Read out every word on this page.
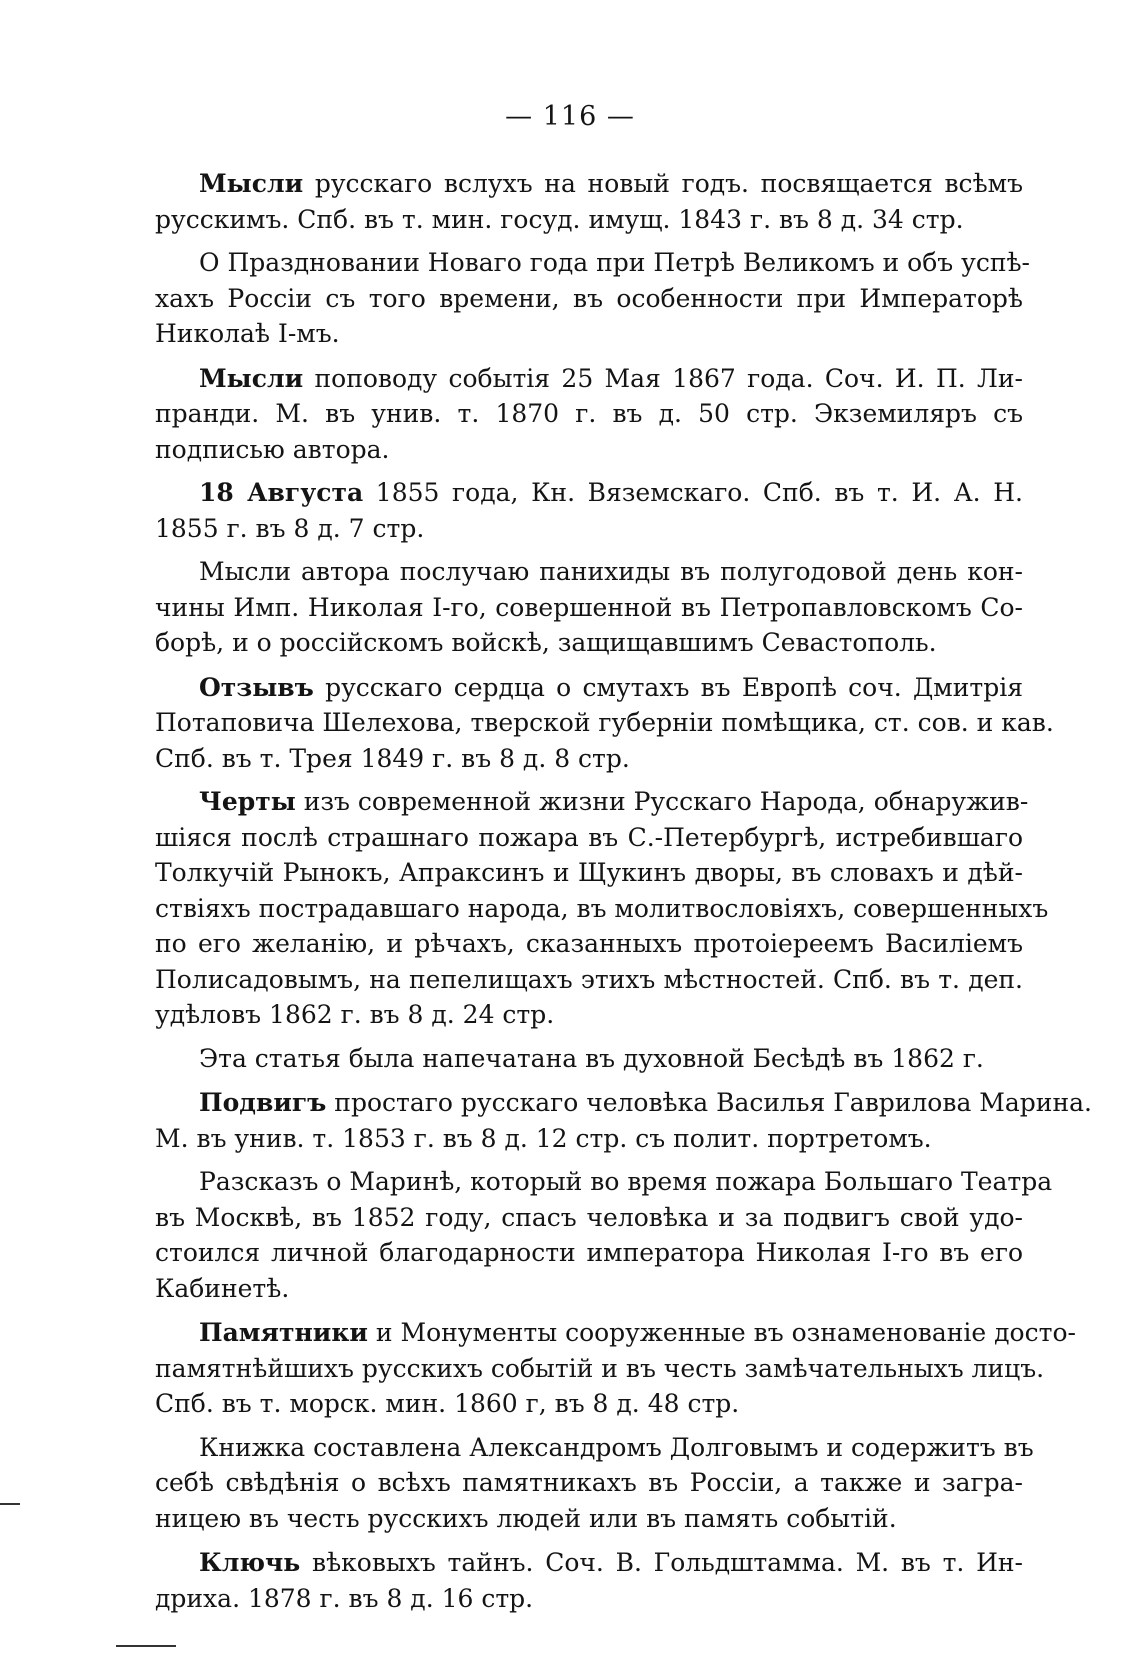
— 116 —

Мысли русскаго вслухъ на новый годъ. посвящается всѣмъ
русскимъ. Спб. въ т. мин. госуд. имущ. 1843 г. въ 8 д. 34 стр.
О Праздновании Новаго года при Петрѣ Великомъ и объ успѣ-
хахъ Россіи съ того времени, въ особенности при Императорѣ
Николаѣ I-мъ.
Мысли поповоду событія 25 Мая 1867 года. Соч. И. П. Ли-
пранди. М. въ унив. т. 1870 г. въ д. 50 стр. Экземиляръ съ
подписью автора.
18 Августа 1855 года, Кн. Вяземскаго. Спб. въ т. И. А. Н.
1855 г. въ 8 д. 7 стр.
Мысли автора послучаю панихиды въ полугодовой день кон-
чины Имп. Николая I-го, совершенной въ Петропавловскомъ Со-
борѣ, и о россійскомъ войскѣ, защищавшимъ Севастополь.
Отзывъ русскаго сердца о смутахъ въ Европѣ соч. Дмитрія
Потаповича Шелехова, тверской губерніи помѣщика, ст. сов. и кав.
Спб. въ т. Трея 1849 г. въ 8 д. 8 стр.
Черты изъ современной жизни Русскаго Народа, обнаружив-
шіяся послѣ страшнаго пожара въ С.-Петербургѣ, истребившаго
Толкучій Рынокъ, Апраксинъ и Щукинъ дворы, въ словахъ и дѣй-
ствіяхъ пострадавшаго народа, въ молитвословіяхъ, совершенныхъ
по его желанію, и рѣчахъ, сказанныхъ протоіереемъ Василіемъ
Полисадовымъ, на пепелищахъ этихъ мѣстностей. Спб. въ т. деп.
удѣловъ 1862 г. въ 8 д. 24 стр.
Эта статья была напечатана въ духовной Бесѣдѣ въ 1862 г.
Подвигъ простаго русскаго человѣка Василья Гаврилова Марина.
М. въ унив. т. 1853 г. въ 8 д. 12 стр. съ полит. портретомъ.
Разсказъ о Маринѣ, который во время пожара Большаго Театра
въ Москвѣ, въ 1852 году, спасъ человѣка и за подвигъ свой удо-
стоился личной благодарности императора Николая I-го въ его
Кабинетѣ.
Памятники и Монументы сооруженные въ ознаменованіе досто-
памятнѣйшихъ русскихъ событій и въ честь замѣчательныхъ лицъ.
Спб. въ т. морск. мин. 1860 г, въ 8 д. 48 стр.
Книжка составлена Александромъ Долговымъ и содержитъ въ
себѣ свѣдѣнія о всѣхъ памятникахъ въ Россіи, а также и загра-
ницею въ честь русскихъ людей или въ память событій.
Ключь вѣковыхъ тайнъ. Соч. В. Гольдштамма. М. въ т. Ин-
дриха. 1878 г. въ 8 д. 16 стр.
